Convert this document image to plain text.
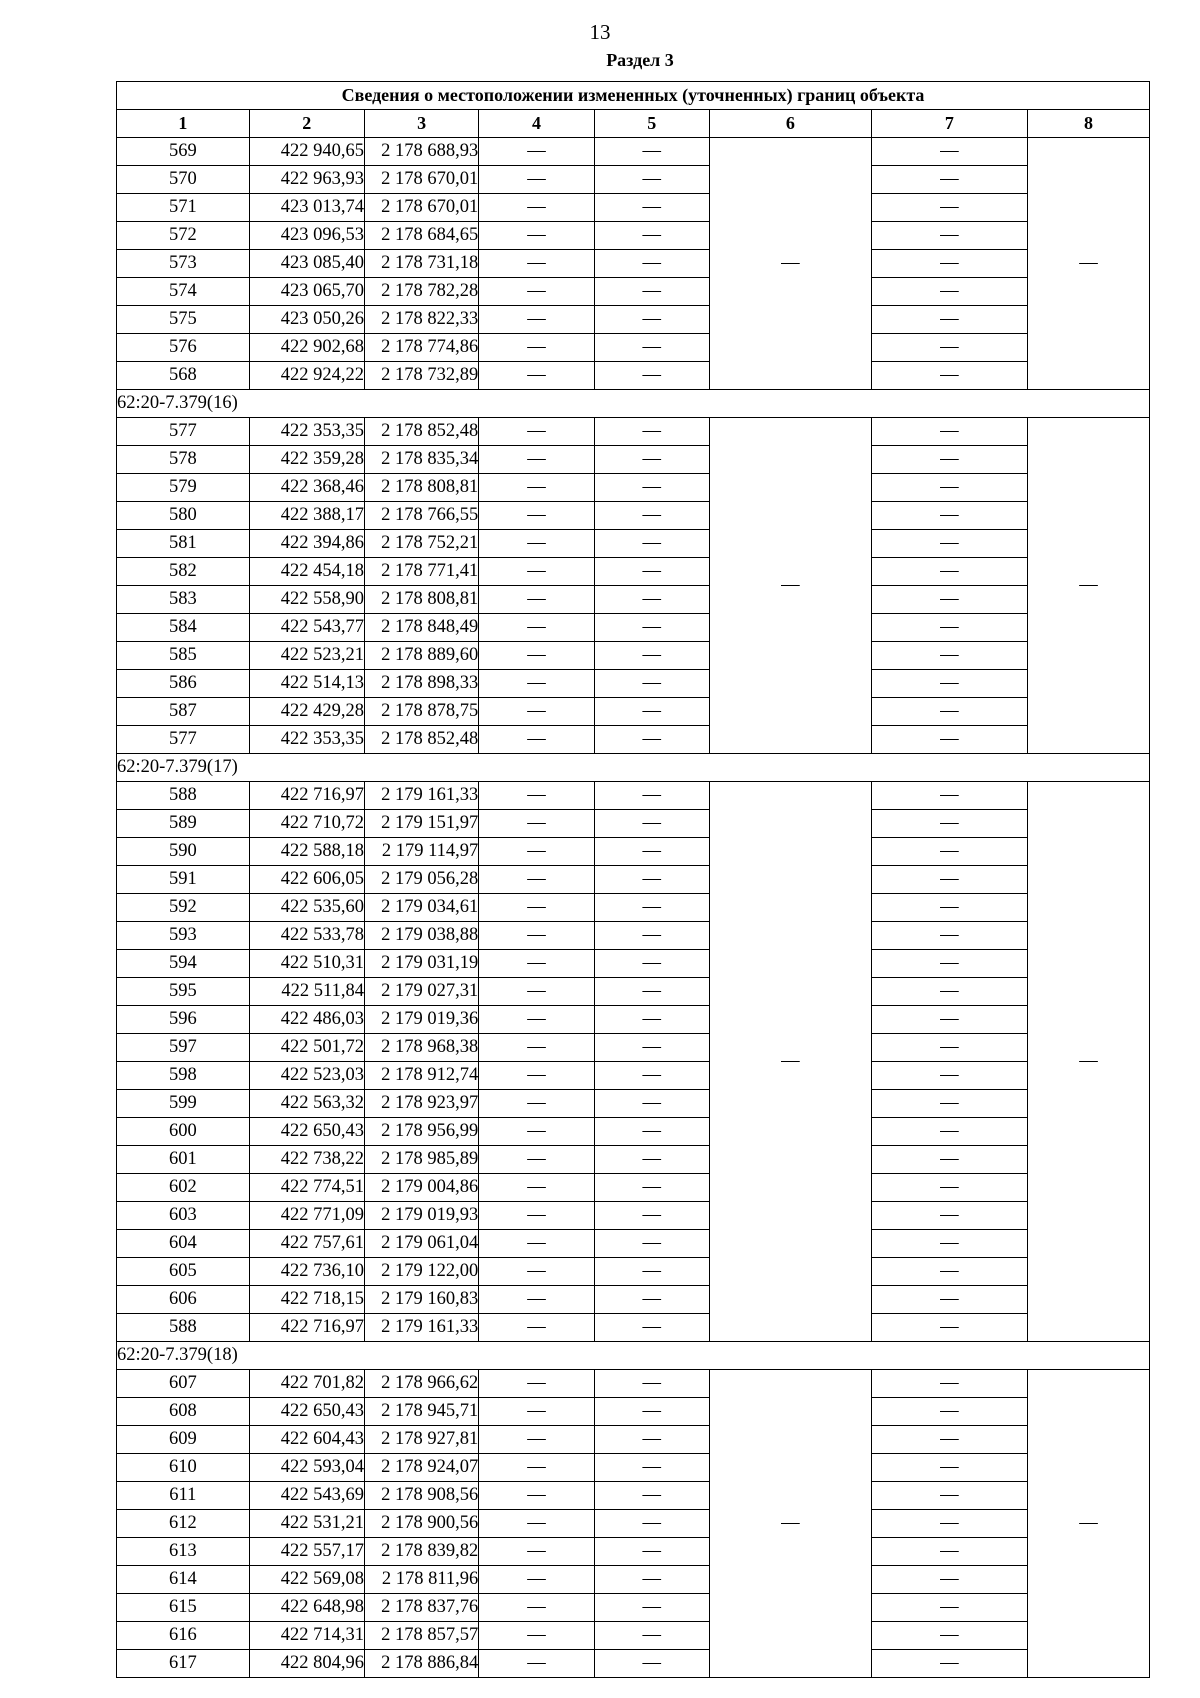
13
Раздел 3
Сведения о местоположении измененных (уточненных) границ объекта							
1	2	3	4	5	6	7	8
569	422 940,65	2 178 688,93	—	—	—	—	—
570	422 963,93	2 178 670,01	—	—		—	
571	423 013,74	2 178 670,01	—	—		—	
572	423 096,53	2 178 684,65	—	—		—	
573	423 085,40	2 178 731,18	—	—		—	
574	423 065,70	2 178 782,28	—	—		—	
575	423 050,26	2 178 822,33	—	—		—	
576	422 902,68	2 178 774,86	—	—		—	
568	422 924,22	2 178 732,89	—	—		—	
62:20-7.379(16)							
577	422 353,35	2 178 852,48	—	—	—	—	—
578	422 359,28	2 178 835,34	—	—		—	
579	422 368,46	2 178 808,81	—	—		—	
580	422 388,17	2 178 766,55	—	—		—	
581	422 394,86	2 178 752,21	—	—		—	
582	422 454,18	2 178 771,41	—	—		—	
583	422 558,90	2 178 808,81	—	—		—	
584	422 543,77	2 178 848,49	—	—		—	
585	422 523,21	2 178 889,60	—	—		—	
586	422 514,13	2 178 898,33	—	—		—	
587	422 429,28	2 178 878,75	—	—		—	
577	422 353,35	2 178 852,48	—	—		—	
62:20-7.379(17)							
588	422 716,97	2 179 161,33	—	—	—	—	—
589	422 710,72	2 179 151,97	—	—		—	
590	422 588,18	2 179 114,97	—	—		—	
591	422 606,05	2 179 056,28	—	—		—	
592	422 535,60	2 179 034,61	—	—		—	
593	422 533,78	2 179 038,88	—	—		—	
594	422 510,31	2 179 031,19	—	—		—	
595	422 511,84	2 179 027,31	—	—		—	
596	422 486,03	2 179 019,36	—	—		—	
597	422 501,72	2 178 968,38	—	—		—	
598	422 523,03	2 178 912,74	—	—		—	
599	422 563,32	2 178 923,97	—	—		—	
600	422 650,43	2 178 956,99	—	—		—	
601	422 738,22	2 178 985,89	—	—		—	
602	422 774,51	2 179 004,86	—	—		—	
603	422 771,09	2 179 019,93	—	—		—	
604	422 757,61	2 179 061,04	—	—		—	
605	422 736,10	2 179 122,00	—	—		—	
606	422 718,15	2 179 160,83	—	—		—	
588	422 716,97	2 179 161,33	—	—		—	
62:20-7.379(18)							
607	422 701,82	2 178 966,62	—	—	—	—	—
608	422 650,43	2 178 945,71	—	—		—	
609	422 604,43	2 178 927,81	—	—		—	
610	422 593,04	2 178 924,07	—	—		—	
611	422 543,69	2 178 908,56	—	—		—	
612	422 531,21	2 178 900,56	—	—		—	
613	422 557,17	2 178 839,82	—	—		—	
614	422 569,08	2 178 811,96	—	—		—	
615	422 648,98	2 178 837,76	—	—		—	
616	422 714,31	2 178 857,57	—	—		—	
617	422 804,96	2 178 886,84	—	—		—	
